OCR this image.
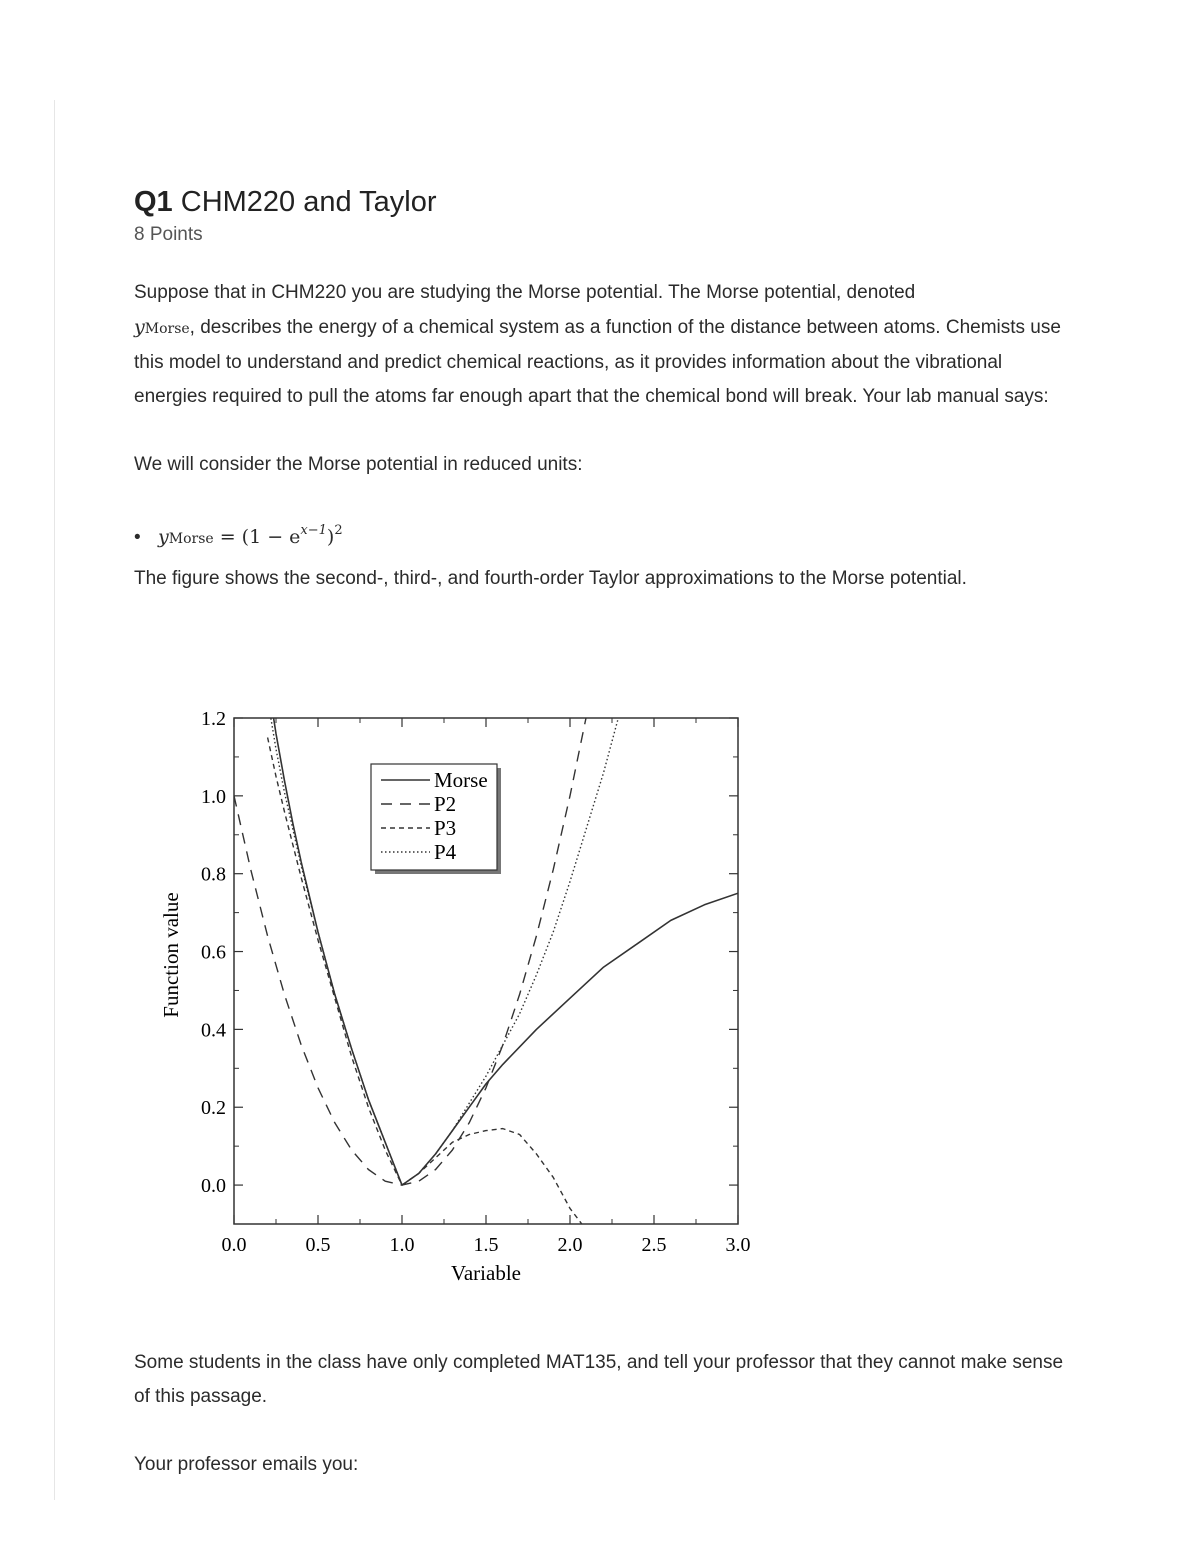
Q1 CHM220 and Taylor
8 Points

Suppose that in CHM220 you are studying the Morse potential. The Morse potential, denoted
yMorse, describes the energy of a chemical system as a function of the distance between atoms. Chemists use this model to understand and predict chemical reactions, as it provides information about the vibrational energies required to pull the atoms far enough apart that the chemical bond will break. Your lab manual says:

We will consider the Morse potential in reduced units:

• yMorse = $(1 - e^{x-1})^2$

The figure shows the second-, third-, and fourth-order Taylor approximations to the Morse potential.

0.0	0.5	1.0	1.5	2.0	2.5	3.0
0.0
0.2
0.4
0.6
0.8
1.0
1.2
Morse
P2
P3
P4
Variable
Function value

Some students in the class have only completed MAT135, and tell your professor that they cannot make sense of this passage.

Your professor emails you:
